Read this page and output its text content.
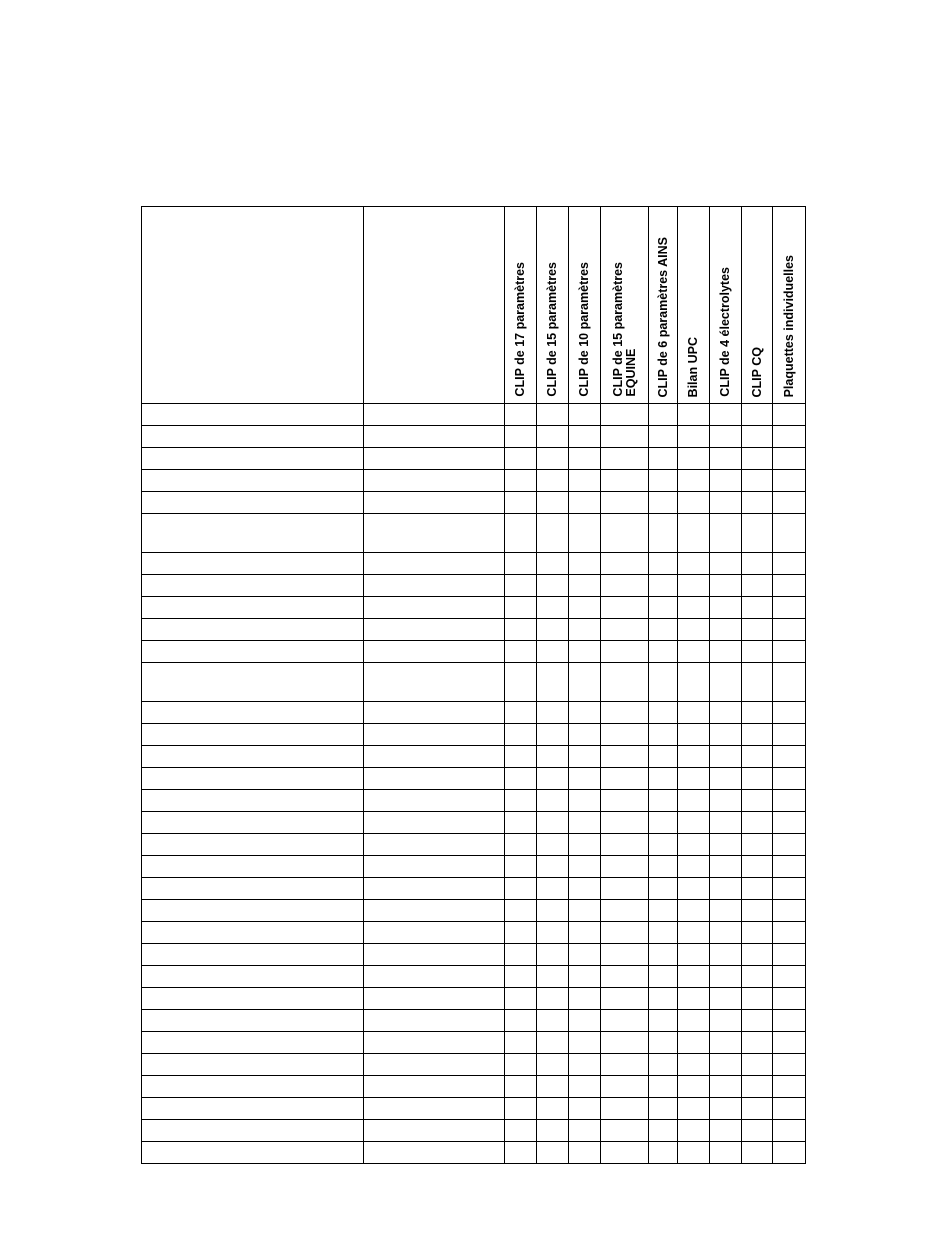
		CLIP de 17 paramètres	CLIP de 15 paramètres	CLIP de 10 paramètres	CLIP de 15 paramètres
EQUINE	CLIP de 6 paramètres AINS	Bilan UPC	CLIP de 4 électrolytes	CLIP CQ	Plaquettes individuelles
